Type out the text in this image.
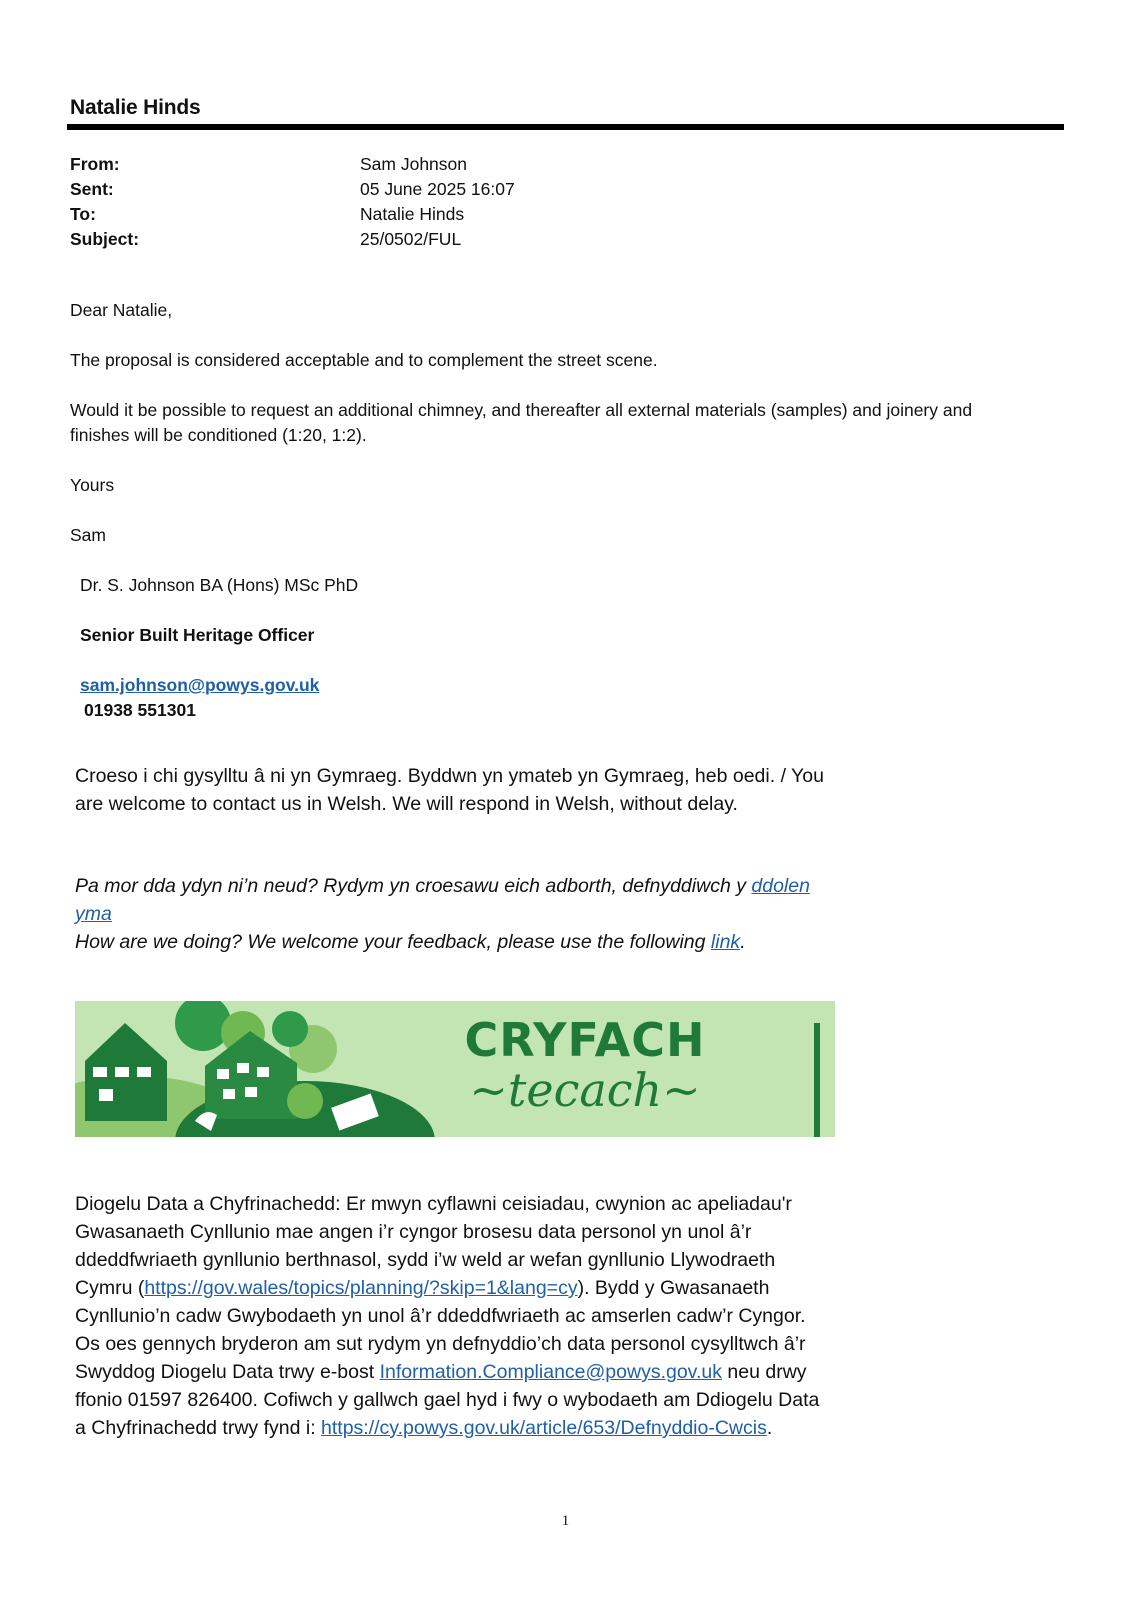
Natalie Hinds
From:	Sam Johnson
Sent:	05 June 2025 16:07
To:	Natalie Hinds
Subject:	25/0502/FUL
Dear Natalie,
The proposal is considered acceptable and to complement the street scene.
Would it be possible to request an additional chimney, and thereafter all external materials (samples) and joinery and finishes will be conditioned (1:20, 1:2).
Yours
Sam
Dr. S. Johnson BA (Hons) MSc PhD
Senior Built Heritage Officer
sam.johnson@powys.gov.uk
01938 551301

Croeso i chi gysylltu â ni yn Gymraeg. Byddwn yn ymateb yn Gymraeg, heb oedi. / You are welcome to contact us in Welsh. We will respond in Welsh, without delay.

Pa mor dda ydyn ni’n neud? Rydym yn croesawu eich adborth, defnyddiwch y ddolen yma

How are we doing? We welcome your feedback, please use the following link.

CRYFACH
~tecach~
Diogelu Data a Chyfrinachedd: Er mwyn cyflawni ceisiadau, cwynion ac apeliadau'r Gwasanaeth Cynllunio mae angen i’r cyngor brosesu data personol yn unol â’r ddeddfwriaeth gynllunio berthnasol, sydd i’w weld ar wefan gynllunio Llywodraeth Cymru (https://gov.wales/topics/planning/?skip=1&lang=cy). Bydd y Gwasanaeth Cynllunio’n cadw Gwybodaeth yn unol â’r ddeddfwriaeth ac amserlen cadw’r Cyngor. Os oes gennych bryderon am sut rydym yn defnyddio’ch data personol cysylltwch â’r Swyddog Diogelu Data trwy e-bost Information.Compliance@powys.gov.uk neu drwy ffonio 01597 826400. Cofiwch y gallwch gael hyd i fwy o wybodaeth am Ddiogelu Data a Chyfrinachedd trwy fynd i: https://cy.powys.gov.uk/article/653/Defnyddio-Cwcis.
1
